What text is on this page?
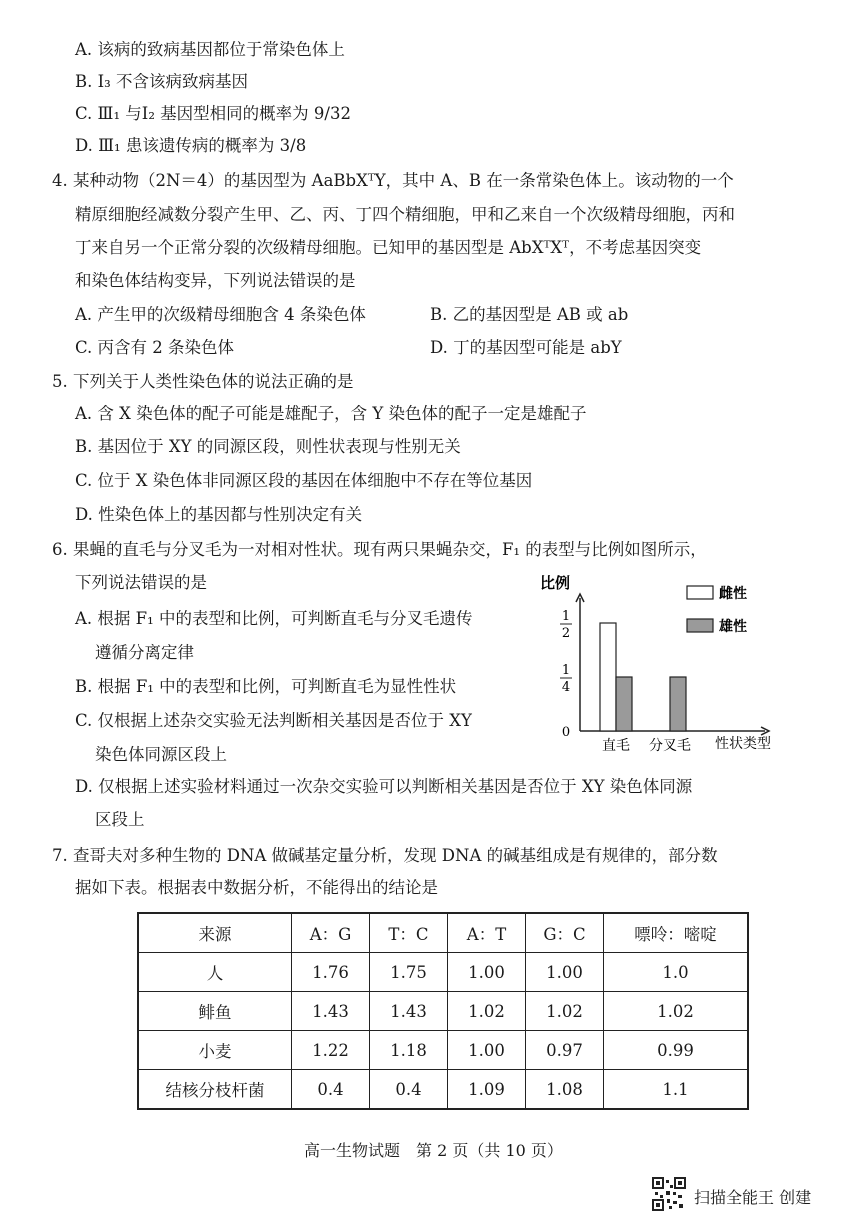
A. 该病的致病基因都位于常染色体上
B. Ⅰ₃ 不含该病致病基因
C. Ⅲ₁ 与Ⅰ₂ 基因型相同的概率为 9/32
D. Ⅲ₁ 患该遗传病的概率为 3/8
4. 某种动物（2N＝4）的基因型为 AaBbXᵀY，其中 A、B 在一条常染色体上。该动物的一个
精原细胞经减数分裂产生甲、乙、丙、丁四个精细胞，甲和乙来自一个次级精母细胞，丙和
丁来自另一个正常分裂的次级精母细胞。已知甲的基因型是 AbXᵀXᵀ，不考虑基因突变
和染色体结构变异，下列说法错误的是
A. 产生甲的次级精母细胞含 4 条染色体	B. 乙的基因型是 AB 或 ab
C. 丙含有 2 条染色体	D. 丁的基因型可能是 abY
5. 下列关于人类性染色体的说法正确的是
A. 含 X 染色体的配子可能是雄配子，含 Y 染色体的配子一定是雄配子
B. 基因位于 XY 的同源区段，则性状表现与性别无关
C. 位于 X 染色体非同源区段的基因在体细胞中不存在等位基因
D. 性染色体上的基因都与性别决定有关
6. 果蝇的直毛与分叉毛为一对相对性状。现有两只果蝇杂交，F₁ 的表型与比例如图所示，
下列说法错误的是
A. 根据 F₁ 中的表型和比例，可判断直毛与分叉毛遗传
遵循分离定律
B. 根据 F₁ 中的表型和比例，可判断直毛为显性性状
C. 仅根据上述杂交实验无法判断相关基因是否位于 XY
染色体同源区段上
D. 仅根据上述实验材料通过一次杂交实验可以判断相关基因是否位于 XY 染色体同源
区段上
比例
0
1
4
1
2
直毛 分叉毛
雌性
雄性
性状类型
7. 查哥夫对多种生物的 DNA 做碱基定量分析，发现 DNA 的碱基组成是有规律的，部分数
据如下表。根据表中数据分析，不能得出的结论是
来源	A：G	T：C	A：T	G：C	嘌呤：嘧啶
人	1.76	1.75	1.00	1.00	1.0
鲱鱼	1.43	1.43	1.02	1.02	1.02
小麦	1.22	1.18	1.00	0.97	0.99
结核分枝杆菌	0.4	0.4	1.09	1.08	1.1
高一生物试题　第 2 页（共 10 页）
扫描全能王 创建
